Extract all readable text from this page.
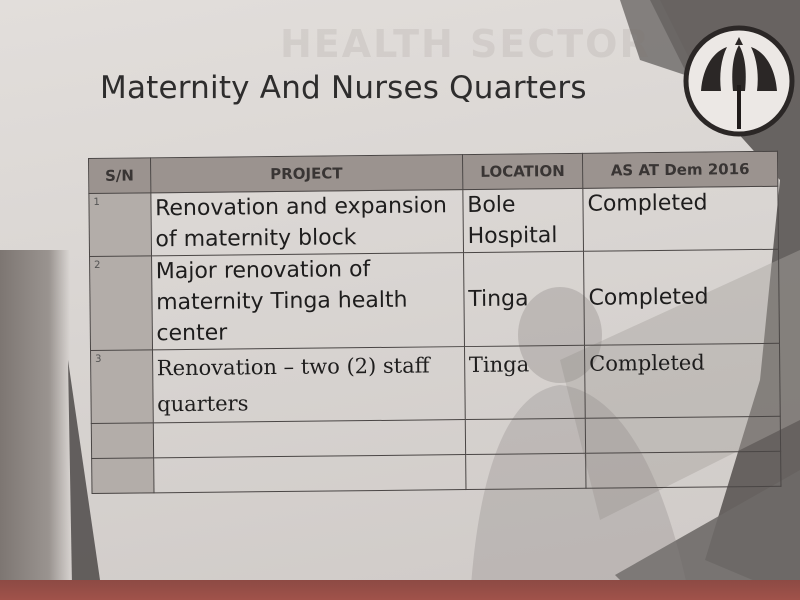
HEALTH SECTOR
Maternity And Nurses Quarters
S/N	PROJECT	LOCATION	AS AT Dem 2016
1	Renovation and expansion of maternity block	Bole Hospital	Completed
2	Major renovation of maternity Tinga health center	Tinga	Completed
3	Renovation – two (2) staff quarters	Tinga	Completed
